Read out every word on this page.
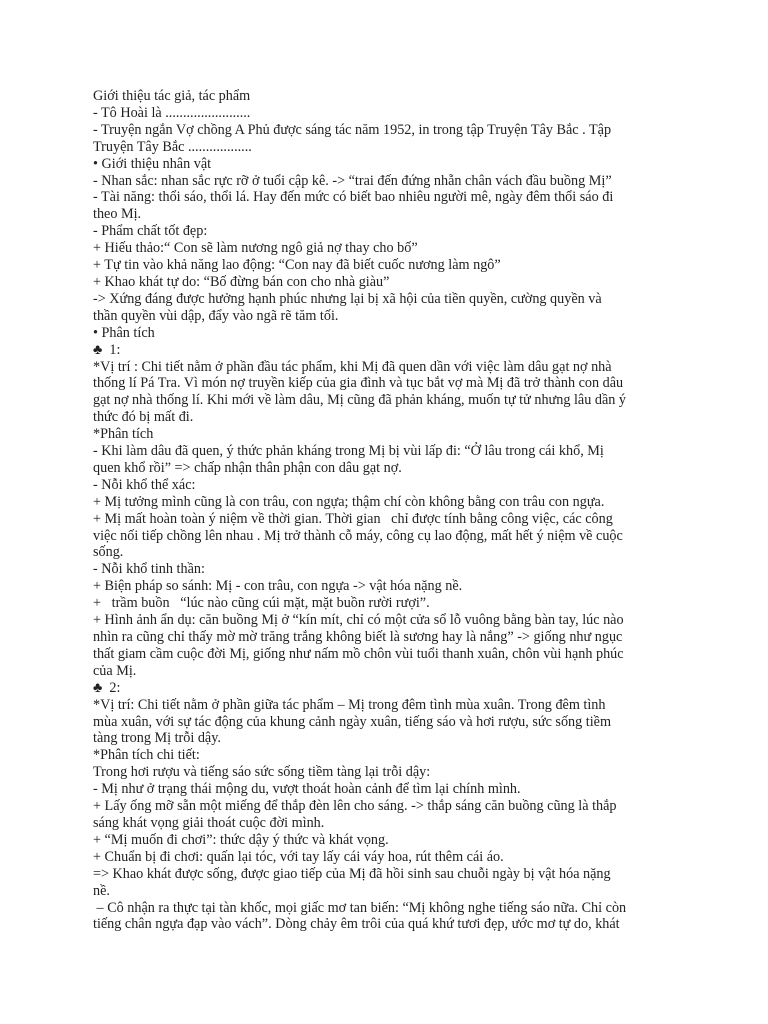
Giới thiệu tác giả, tác phẩm
- Tô Hoài là ........................
- Truyện ngắn Vợ chồng A Phủ được sáng tác năm 1952, in trong tập Truyện Tây Bắc . Tập
Truyện Tây Bắc ..................
• Giới thiệu nhân vật
- Nhan sắc: nhan sắc rực rỡ ở tuổi cập kê. -> “trai đến đứng nhẵn chân vách đầu buồng Mị”
- Tài năng: thổi sáo, thổi lá. Hay đến mức có biết bao nhiêu người mê, ngày đêm thổi sáo đi
theo Mị.
- Phẩm chất tốt đẹp:
+ Hiếu thảo:“ Con sẽ làm nương ngô giả nợ thay cho bố”
+ Tự tin vào khả năng lao động: “Con nay đã biết cuốc nương làm ngô”
+ Khao khát tự do: “Bố đừng bán con cho nhà giàu”
-> Xứng đáng được hưởng hạnh phúc nhưng lại bị xã hội của tiền quyền, cường quyền và
thần quyền vùi dập, đẩy vào ngã rẽ tăm tối.
• Phân tích
♣  1:
*Vị trí : Chi tiết nằm ở phần đầu tác phẩm, khi Mị đã quen dần với việc làm dâu gạt nợ nhà
thống lí Pá Tra. Vì món nợ truyền kiếp của gia đình và tục bắt vợ mà Mị đã trở thành con dâu
gạt nợ nhà thống lí. Khi mới về làm dâu, Mị cũng đã phản kháng, muốn tự tử nhưng lâu dần ý
thức đó bị mất đi.
*Phân tích
- Khi làm dâu đã quen, ý thức phản kháng trong Mị bị vùi lấp đi: “Ở lâu trong cái khổ, Mị
quen khổ rồi” => chấp nhận thân phận con dâu gạt nợ.
- Nỗi khổ thể xác:
+ Mị tưởng mình cũng là con trâu, con ngựa; thậm chí còn không bằng con trâu con ngựa.
+ Mị mất hoàn toàn ý niệm về thời gian. Thời gian   chỉ được tính bằng công việc, các công
việc nối tiếp chồng lên nhau . Mị trở thành cỗ máy, công cụ lao động, mất hết ý niệm về cuộc
sống.
- Nỗi khổ tinh thần:
+ Biện pháp so sánh: Mị - con trâu, con ngựa -> vật hóa nặng nề.
+   trầm buồn   “lúc nào cũng cúi mặt, mặt buồn rười rượi”.
+ Hình ảnh ẩn dụ: căn buồng Mị ở “kín mít, chỉ có một cửa sổ lỗ vuông bằng bàn tay, lúc nào
nhìn ra cũng chỉ thấy mờ mờ trăng trắng không biết là sương hay là nắng” -> giống như ngục
thất giam cầm cuộc đời Mị, giống như nấm mồ chôn vùi tuổi thanh xuân, chôn vùi hạnh phúc
của Mị.
♣  2:
*Vị trí: Chi tiết nằm ở phần giữa tác phẩm – Mị trong đêm tình mùa xuân. Trong đêm tình
mùa xuân, với sự tác động của khung cảnh ngày xuân, tiếng sáo và hơi rượu, sức sống tiềm
tàng trong Mị trỗi dậy.
*Phân tích chi tiết:
Trong hơi rượu và tiếng sáo sức sống tiềm tàng lại trỗi dậy:
- Mị như ở trạng thái mộng du, vượt thoát hoàn cảnh để tìm lại chính mình.
+ Lấy ống mỡ sẵn một miếng để thắp đèn lên cho sáng. -> thắp sáng căn buồng cũng là thắp
sáng khát vọng giải thoát cuộc đời mình.
+ “Mị muốn đi chơi”: thức dậy ý thức và khát vọng.
+ Chuẩn bị đi chơi: quấn lại tóc, với tay lấy cái váy hoa, rút thêm cái áo.
=> Khao khát được sống, được giao tiếp của Mị đã hồi sinh sau chuỗi ngày bị vật hóa nặng
nề.
– Cô nhận ra thực tại tàn khốc, mọi giấc mơ tan biến: “Mị không nghe tiếng sáo nữa. Chỉ còn
tiếng chân ngựa đạp vào vách”. Dòng chảy êm trôi của quá khứ tươi đẹp, ước mơ tự do, khát
